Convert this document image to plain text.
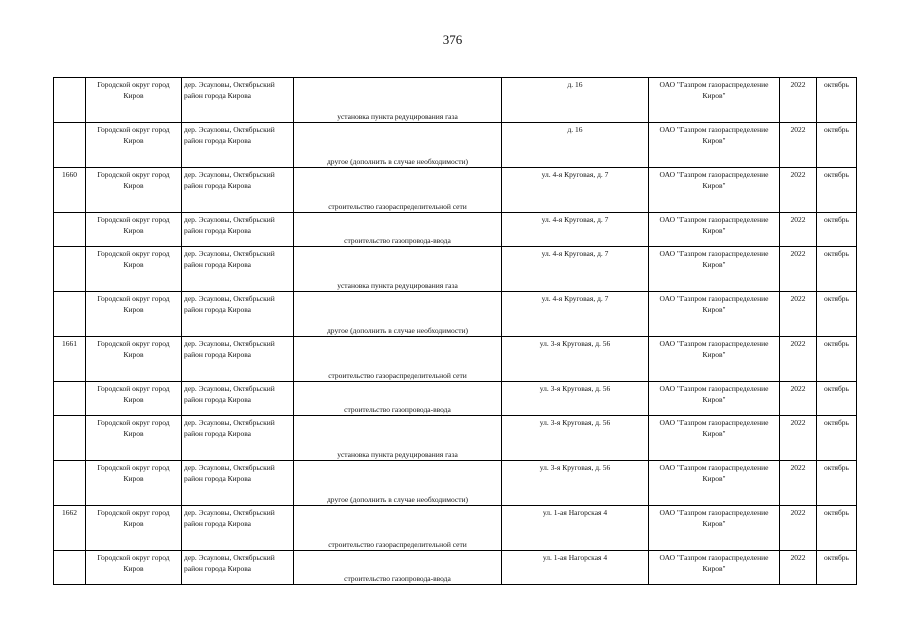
376
	Городской округ город Киров	дер. Эсауловы, Октябрьский район города Кирова	установка пункта редуцирования газа	д. 16	ОАО "Газпром газораспределение Киров"	2022	октябрь
	Городской округ город Киров	дер. Эсауловы, Октябрьский район города Кирова	другое (дополнить в случае необходимости)	д. 16	ОАО "Газпром газораспределение Киров"	2022	октябрь
1660	Городской округ город Киров	дер. Эсауловы, Октябрьский район города Кирова	строительство газораспределительной сети	ул. 4-я Круговая, д. 7	ОАО "Газпром газораспределение Киров"	2022	октябрь
	Городской округ город Киров	дер. Эсауловы, Октябрьский район города Кирова	строительство газопровода-ввода	ул. 4-я Круговая, д. 7	ОАО "Газпром газораспределение Киров"	2022	октябрь
	Городской округ город Киров	дер. Эсауловы, Октябрьский район города Кирова	установка пункта редуцирования газа	ул. 4-я Круговая, д. 7	ОАО "Газпром газораспределение Киров"	2022	октябрь
	Городской округ город Киров	дер. Эсауловы, Октябрьский район города Кирова	другое (дополнить в случае необходимости)	ул. 4-я Круговая, д. 7	ОАО "Газпром газораспределение Киров"	2022	октябрь
1661	Городской округ город Киров	дер. Эсауловы, Октябрьский район города Кирова	строительство газораспределительной сети	ул. 3-я Круговая, д. 56	ОАО "Газпром газораспределение Киров"	2022	октябрь
	Городской округ город Киров	дер. Эсауловы, Октябрьский район города Кирова	строительство газопровода-ввода	ул. 3-я Круговая, д. 56	ОАО "Газпром газораспределение Киров"	2022	октябрь
	Городской округ город Киров	дер. Эсауловы, Октябрьский район города Кирова	установка пункта редуцирования газа	ул. 3-я Круговая, д. 56	ОАО "Газпром газораспределение Киров"	2022	октябрь
	Городской округ город Киров	дер. Эсауловы, Октябрьский район города Кирова	другое (дополнить в случае необходимости)	ул. 3-я Круговая, д. 56	ОАО "Газпром газораспределение Киров"	2022	октябрь
1662	Городской округ город Киров	дер. Эсауловы, Октябрьский район города Кирова	строительство газораспределительной сети	ул. 1-ая Нагорская 4	ОАО "Газпром газораспределение Киров"	2022	октябрь
	Городской округ город Киров	дер. Эсауловы, Октябрьский район города Кирова	строительство газопровода-ввода	ул. 1-ая Нагорская 4	ОАО "Газпром газораспределение Киров"	2022	октябрь
